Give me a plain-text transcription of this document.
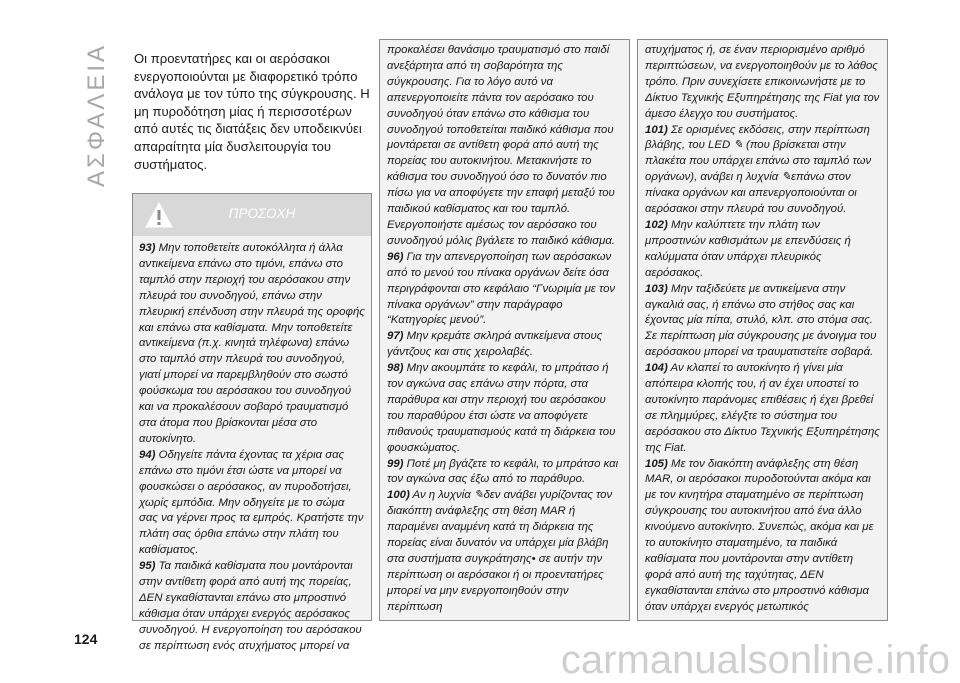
ΑΣΦΑΛΕΙΑ Οι προεντατήρες και οι αερόσακοι ενεργοποιούνται με διαφορετικό τρόπο ανάλογα με τον τύπο της σύγκρουσης. Η μη πυροδότηση μίας ή περισσοτέρων από αυτές τις διατάξεις δεν υποδεικνύει απαραίτητα μία δυσλειτουργία του συστήματος.
ΠΡΟΣΟΧΗ

93) Μην τοποθετείτε αυτοκόλλητα ή άλλα αντικείμενα επάνω στο τιμόνι, επάνω στο ταμπλό στην περιοχή του αερόσακου στην πλευρά του συνοδηγού, επάνω στην πλευρική επένδυση στην πλευρά της οροφής και επάνω στα καθίσματα. Μην τοποθετείτε αντικείμενα (π.χ. κινητά τηλέφωνα) επάνω στο ταμπλό στην πλευρά του συνοδηγού, γιατί μπορεί να παρεμβληθούν στο σωστό φούσκωμα του αερόσακου του συνοδηγού και να προκαλέσουν σοβαρό τραυματισμό στα άτομα που βρίσκονται μέσα στο αυτοκίνητο.

94) Οδηγείτε πάντα έχοντας τα χέρια σας επάνω στο τιμόνι έτσι ώστε να μπορεί να φουσκώσει ο αερόσακος, αν πυροδοτήσει, χωρίς εμπόδια. Μην οδηγείτε με το σώμα σας να γέρνει προς τα εμπρός. Κρατήστε την πλάτη σας όρθια επάνω στην πλάτη του καθίσματος.

95) Τα παιδικά καθίσματα που μοντάρονται στην αντίθετη φορά από αυτή της πορείας, ΔΕΝ εγκαθίστανται επάνω στο μπροστινό κάθισμα όταν υπάρχει ενεργός αερόσακος συνοδηγού. Η ενεργοποίηση του αερόσακου σε περίπτωση ενός ατυχήματος μπορεί να

προκαλέσει θανάσιμο τραυματισμό στο παιδί ανεξάρτητα από τη σοβαρότητα της σύγκρουσης. Για το λόγο αυτό να απενεργοποιείτε πάντα τον αερόσακο του συνοδηγού όταν επάνω στο κάθισμα του συνοδηγού τοποθετείται παιδικό κάθισμα που μοντάρεται σε αντίθετη φορά από αυτή της πορείας του αυτοκινήτου. Μετακινήστε το κάθισμα του συνοδηγού όσο το δυνατόν πιο πίσω για να αποφύγετε την επαφή μεταξύ του παιδικού καθίσματος και του ταμπλό. Ενεργοποιήστε αμέσως τον αερόσακο του συνοδηγού μόλις βγάλετε το παιδικό κάθισμα.

96) Για την απενεργοποίηση των αερόσακων από το μενού του πίνακα οργάνων δείτε όσα περιγράφονται στο κεφάλαιο “Γνωριμία με τον πίνακα οργάνων” στην παράγραφο “Κατηγορίες μενού”.

97) Μην κρεμάτε σκληρά αντικείμενα στους γάντζους και στις χειρολαβές.

98) Μην ακουμπάτε το κεφάλι, το μπράτσο ή τον αγκώνα σας επάνω στην πόρτα, στα παράθυρα και στην περιοχή του αερόσακου του παραθύρου έτσι ώστε να αποφύγετε πιθανούς τραυματισμούς κατά τη διάρκεια του φουσκώματος.

99) Ποτέ μη βγάζετε το κεφάλι, το μπράτσο και τον αγκώνα σας έξω από το παράθυρο.

100) Αν η λυχνία ✎δεν ανάβει γυρίζοντας τον διακόπτη ανάφλεξης στη θέση MAR ή παραμένει αναμμένη κατά τη διάρκεια της πορείας είναι δυνατόν να υπάρχει μία βλάβη στα συστήματα συγκράτησης• σε αυτήν την περίπτωση οι αερόσακοι ή οι προεντατήρες μπορεί να μην ενεργοποιηθούν στην περίπτωση

ατυχήματος ή, σε έναν περιορισμένο αριθμό περιπτώσεων, να ενεργοποιηθούν με το λάθος τρόπο. Πριν συνεχίσετε επικοινωνήστε με το Δίκτυο Τεχνικής Εξυπηρέτησης της Fiat για τον άμεσο έλεγχο του συστήματος.

101) Σε ορισμένες εκδόσεις, στην περίπτωση βλάβης, του LED ✎ (που βρίσκεται στην πλακέτα που υπάρχει επάνω στο ταμπλό των οργάνων), ανάβει η λυχνία ✎επάνω στον πίνακα οργάνων και απενεργοποιούνται οι αερόσακοι στην πλευρά του συνοδηγού.

102) Μην καλύπτετε την πλάτη των μπροστινών καθισμάτων με επενδύσεις ή καλύμματα όταν υπάρχει πλευρικός αερόσακος.

103) Μην ταξιδεύετε με αντικείμενα στην αγκαλιά σας, ή επάνω στο στήθος σας και έχοντας μία πίπα, στυλό, κλπ. στο στόμα σας. Σε περίπτωση μία σύγκρουσης με άνοιγμα του αερόσακου μπορεί να τραυματιστείτε σοβαρά.

104) Αν κλαπεί το αυτοκίνητο ή γίνει μία απόπειρα κλοπής του, ή αν έχει υποστεί το αυτοκίνητο παράνομες επιθέσεις ή έχει βρεθεί σε πλημμύρες, ελέγξτε το σύστημα του αερόσακου στο Δίκτυο Τεχνικής Εξυπηρέτησης της Fiat.

105) Με τον διακόπτη ανάφλεξης στη θέση MAR, οι αερόσακοι πυροδοτούνται ακόμα και με τον κινητήρα σταματημένο σε περίπτωση σύγκρουσης του αυτοκινήτου από ένα άλλο κινούμενο αυτοκίνητο. Συνεπώς, ακόμα και με το αυτοκίνητο σταματημένο, τα παιδικά καθίσματα που μοντάρονται στην αντίθετη φορά από αυτή της ταχύτητας, ΔΕΝ εγκαθίστανται επάνω στο μπροστινό κάθισμα όταν υπάρχει ενεργός μετωπικός

124	carmanualsonline.info
